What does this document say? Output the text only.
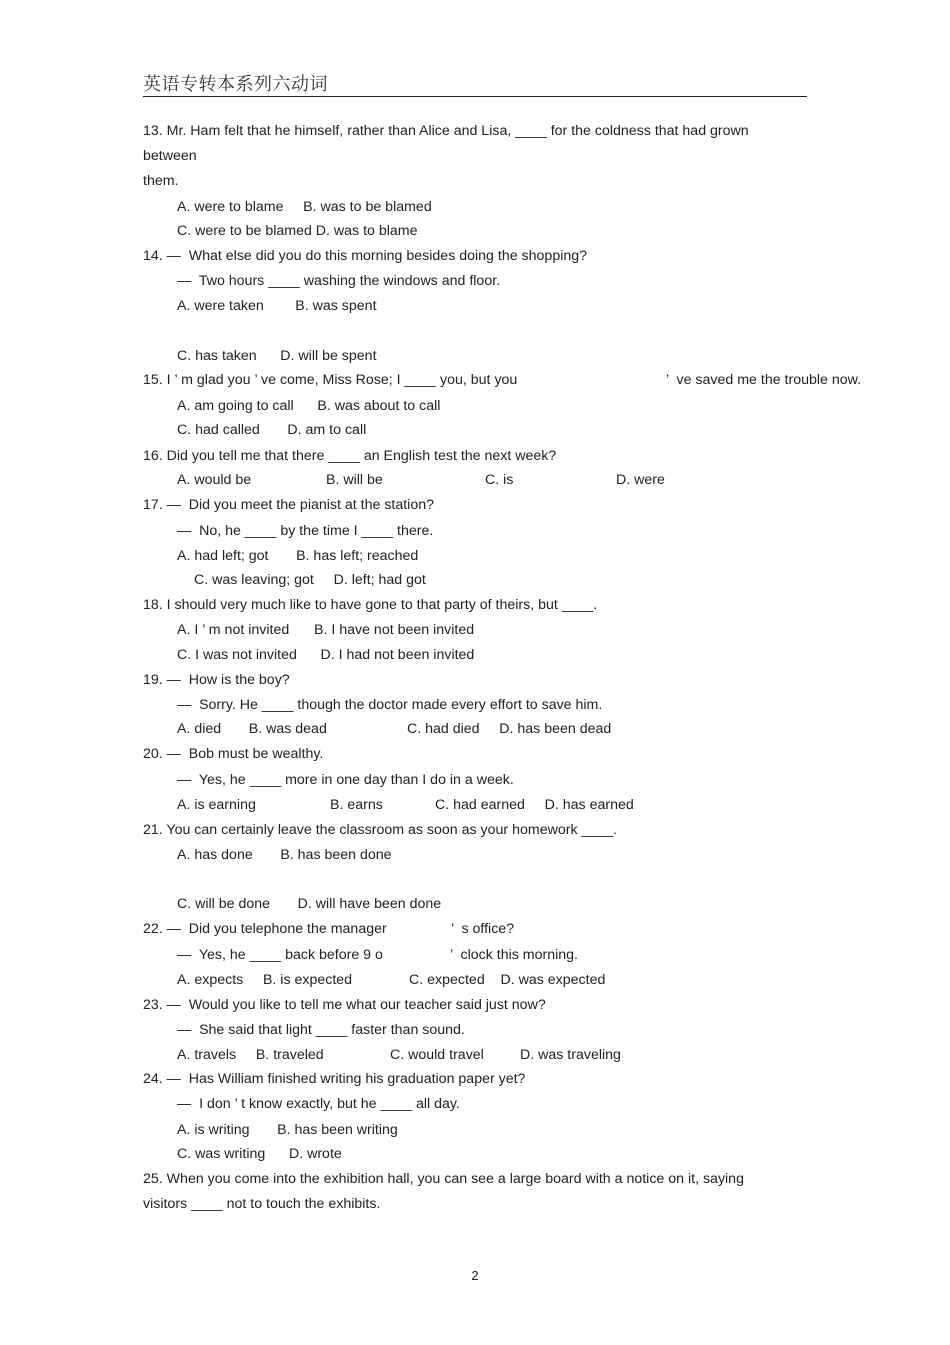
英语专转本系列六动词
13. Mr. Ham felt that he himself, rather than Alice and Lisa, ____ for the coldness that had grown
between
them.
A. were to blame     B. was to be blamed
C. were to be blamed D. was to blame
14. —  What else did you do this morning besides doing the shopping?
—  Two hours ____ washing the windows and floor.
A. were taken        B. was spent
C. has taken      D. will be spent
15. I ’ m glad you ’ ve come, Miss Rose; I ____ you, but you	’  ve saved me the trouble now.
A. am going to call      B. was about to call
C. had called       D. am to call
16. Did you tell me that there ____ an English test the next week?
A. would be	B. will be	C. is	D. were
17. —  Did you meet the pianist at the station?
—  No, he ____ by the time I ____ there.
A. had left; got       B. has left; reached
C. was leaving; got     D. left; had got
18. I should very much like to have gone to that party of theirs, but ____.
A. I ’ m not invited B. I have not been invited
C. I was not invited      D. I had not been invited
19. —  How is the boy?
—  Sorry. He ____ though the doctor made every effort to save him.
A. died       B. was dead	C. had died     D. has been dead
20. —  Bob must be wealthy.
—  Yes, he ____ more in one day than I do in a week.
A. is earning	B. earns	C. had earned     D. has earned
21. You can certainly leave the classroom as soon as your homework ____.
A. has done       B. has been done
C. will be done       D. will have been done
22. —  Did you telephone the manager	’  s office?
—  Yes, he ____ back before 9 o	’  clock this morning.
A. expects     B. is expected	C. expected    D. was expected
23. —  Would you like to tell me what our teacher said just now?
—  She said that light ____ faster than sound.
A. travels     B. traveled	C. would travel	D. was traveling
24. —  Has William finished writing his graduation paper yet?
—  I don ’ t know exactly, but he ____ all day.
A. is writing       B. has been writing
C. was writing      D. wrote
25. When you come into the exhibition hall, you can see a large board with a notice on it, saying
visitors ____ not to touch the exhibits.
2
